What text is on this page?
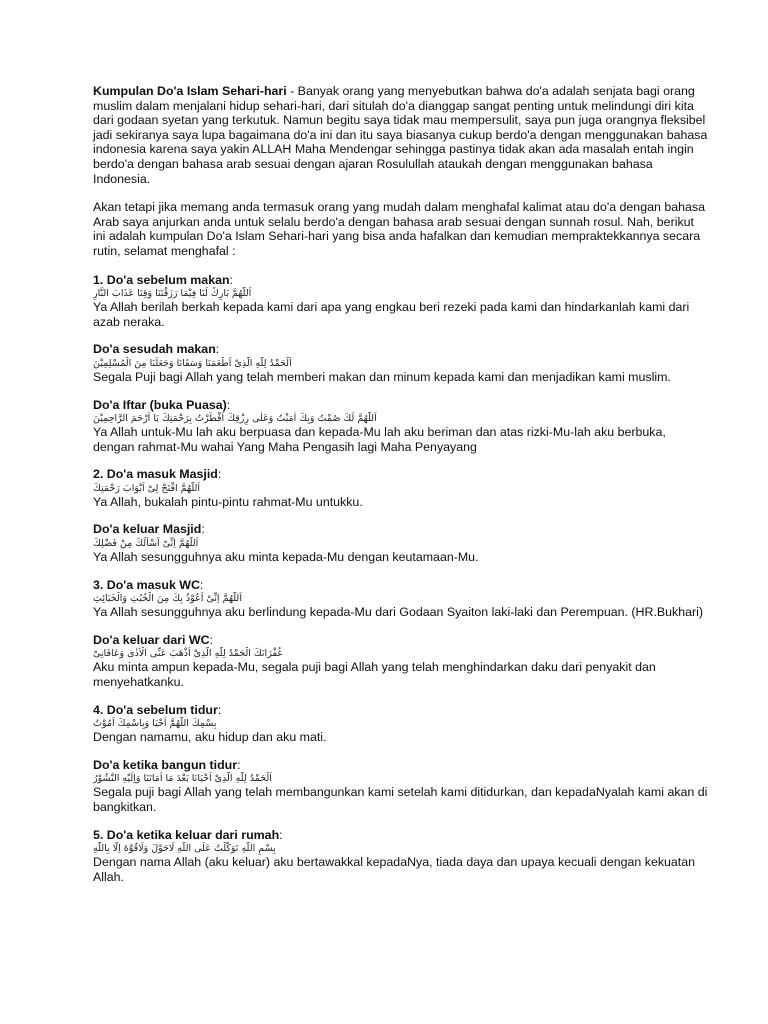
Kumpulan Do'a Islam Sehari-hari - Banyak orang yang menyebutkan bahwa do'a adalah senjata bagi orang muslim dalam menjalani hidup sehari-hari, dari situlah do'a dianggap sangat penting untuk melindungi diri kita dari godaan syetan yang terkutuk. Namun begitu saya tidak mau mempersulit, saya pun juga orangnya fleksibel jadi sekiranya saya lupa bagaimana do'a ini dan itu saya biasanya cukup berdo'a dengan menggunakan bahasa indonesia karena saya yakin ALLAH Maha Mendengar sehingga pastinya tidak akan ada masalah entah ingin berdo'a dengan bahasa arab sesuai dengan ajaran Rosulullah ataukah dengan menggunakan bahasa Indonesia.

Akan tetapi jika memang anda termasuk orang yang mudah dalam menghafal kalimat atau do'a dengan bahasa Arab saya anjurkan anda untuk selalu berdo'a dengan bahasa arab sesuai dengan sunnah rosul. Nah, berikut ini adalah kumpulan Do'a Islam Sehari-hari yang bisa anda hafalkan dan kemudian mempraktekkannya secara rutin, selamat menghafal :

1. Do'a sebelum makan:

اَللّٰهُمَّ بَارِكْ لَنَا فِيْمَا رَزَقْتَنَا وَقِنَا عَذَابَ النَّارِ

Ya Allah berilah berkah kepada kami dari apa yang engkau beri rezeki pada kami dan hindarkanlah kami dari azab neraka.

Do'a sesudah makan:

اَلْحَمْدُ لِلّٰهِ الَّذِىْ اَطْعَمَنَا وَسَقَانَا وَجَعَلَنَا مِنَ الْمُسْلِمِيْنَ

Segala Puji bagi Allah yang telah memberi makan dan minum kepada kami dan menjadikan kami muslim.

Do'a Iftar (buka Puasa):

اَللّٰهُمَّ لَكَ صُمْتُ وَبِكَ اٰمَنْتُ وَعَلٰى رِزْقِكَ اَفْطَرْتُ بِرَحْمَتِكَ يَا اَرْحَمَ الرَّاحِمِيْنَ

Ya Allah untuk-Mu lah aku berpuasa dan kepada-Mu lah aku beriman dan atas rizki-Mu-lah aku berbuka, dengan rahmat-Mu wahai Yang Maha Pengasih lagi Maha Penyayang

2. Do'a masuk Masjid:

اَللّٰهُمَّ افْتَحْ لِىْ اَبْوَابَ رَحْمَتِكَ

Ya Allah, bukalah pintu-pintu rahmat-Mu untukku.

Do'a keluar Masjid:

اَللّٰهُمَّ اِنِّىْ اَسْأَلُكَ مِنْ فَضْلِكَ

Ya Allah sesungguhnya aku minta kepada-Mu dengan keutamaan-Mu.

3. Do'a masuk WC:

اَللّٰهُمَّ اِنِّىْ اَعُوْذُ بِكَ مِنَ الْخُبُثِ وَالْخَبَائِثِ

Ya Allah sesungguhnya aku berlindung kepada-Mu dari Godaan Syaiton laki-laki dan Perempuan. (HR.Bukhari)

Do'a keluar dari WC:

غُفْرَانَكَ الْحَمْدُ لِلّٰهِ الَّذِىْ اَذْهَبَ عَنِّى الْاَذٰى وَعَافَانِىْ

Aku minta ampun kepada-Mu, segala puji bagi Allah yang telah menghindarkan daku dari penyakit dan menyehatkanku.

4. Do'a sebelum tidur:

بِسْمِكَ اللّٰهُمَّ اَحْيَا وَبِاسْمِكَ اَمُوْتُ

Dengan namamu, aku hidup dan aku mati.

Do'a ketika bangun tidur:

اَلْحَمْدُ لِلّٰهِ الَّذِىْ اَحْيَانَا بَعْدَ مَا اَمَاتَنَا وَاِلَيْهِ النُّشُوْرُ

Segala puji bagi Allah yang telah membangunkan kami setelah kami ditidurkan, dan kepadaNyalah kami akan di bangkitkan.

5. Do'a ketika keluar dari rumah:

بِسْمِ اللّٰهِ تَوَكَّلْتُ عَلَى اللّٰهِ لَاحَوْلَ وَلَاقُوَّةَ اِلَّا بِاللّٰهِ

Dengan nama Allah (aku keluar) aku bertawakkal kepadaNya, tiada daya dan upaya kecuali dengan kekuatan Allah.
